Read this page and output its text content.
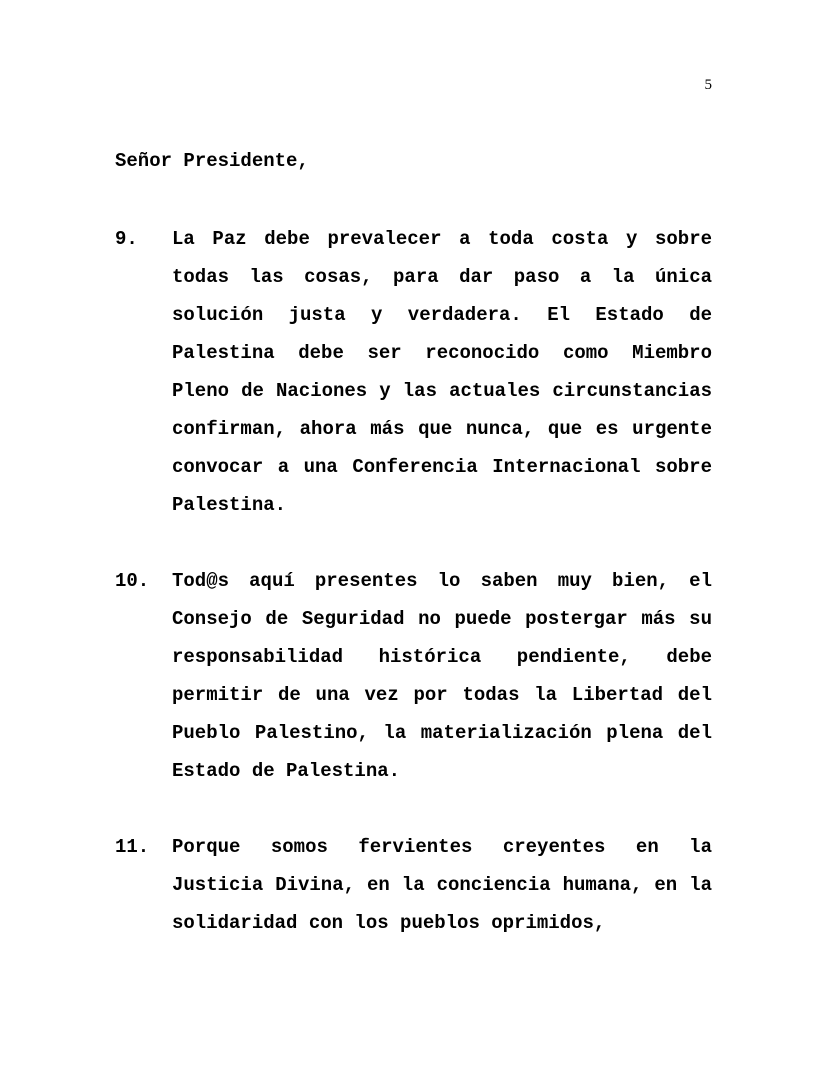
5

Señor Presidente,

9.	La Paz debe prevalecer a toda costa y sobre todas las cosas, para dar paso a la única solución justa y verdadera. El Estado de Palestina debe ser reconocido como Miembro Pleno de Naciones y las actuales circunstancias confirman, ahora más que nunca, que es urgente convocar a una Conferencia Internacional sobre Palestina.
10.	Tod@s aquí presentes lo saben muy bien, el Consejo de Seguridad no puede postergar más su responsabilidad histórica pendiente, debe permitir de una vez por todas la Libertad del Pueblo Palestino, la materialización plena del Estado de Palestina.
11.	Porque somos fervientes creyentes en la Justicia Divina, en la conciencia humana, en la solidaridad con los pueblos oprimidos,
